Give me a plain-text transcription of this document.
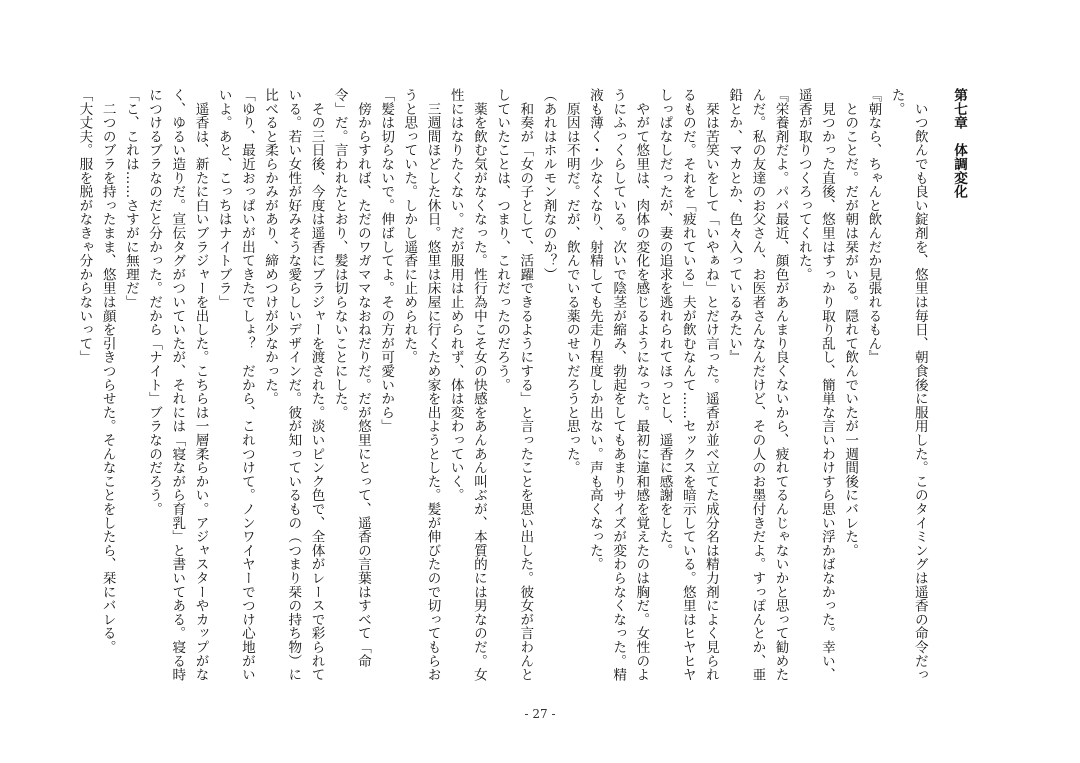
第七章　体調変化

　いつ飲んでも良い錠剤を、悠里は毎日、朝食後に服用した。このタイミングは遥香の命令だった。

『朝なら、ちゃんと飲んだか見張れるもん』

　とのことだ。だが朝は栞がいる。隠れて飲んでいたが一週間後にバレた。

　見つかった直後、悠里はすっかり取り乱し、簡単な言いわけすら思い浮かばなかった。幸い、遥香が取りつくろってくれた。

『栄養剤だよ。パパ最近、顔色があんまり良くないから、疲れてるんじゃないかと思って勧めたんだ。私の友達のお父さん、お医者さんなんだけど、その人のお墨付きだよ。すっぽんとか、亜鉛とか、マカとか、色々入っているみたい』

　栞は苦笑いをして「いやぁね」とだけ言った。遥香が並べ立てた成分名は精力剤によく見られるものだ。それを「疲れている」夫が飲むなんて……セックスを暗示している。悠里はヒヤヒヤしっぱなしだったが、妻の追求を逃れられてほっとし、遥香に感謝をした。

　やがて悠里は、肉体の変化を感じるようになった。最初に違和感を覚えたのは胸だ。女性のようにふっくらしている。次いで陰茎が縮み、勃起をしてもあまりサイズが変わらなくなった。精液も薄く・少なくなり、射精しても先走り程度しか出ない。声も高くなった。

　原因は不明だ。だが、飲んでいる薬のせいだろうと思った。

（あれはホルモン剤なのか？）

　和奏が「女の子として、活躍できるようにする」と言ったことを思い出した。彼女が言わんとしていたことは、つまり、これだったのだろう。

　薬を飲む気がなくなった。性行為中こそ女の快感をあんあん叫ぶが、本質的には男なのだ。女性にはなりたくない。だが服用は止められず、体は変わっていく。

　三週間ほどした休日。悠里は床屋に行くため家を出ようとした。髪が伸びたので切ってもらおうと思っていた。しかし遥香に止められた。

「髪は切らないで。伸ばしてよ。その方が可愛いから」

　傍からすれば、ただのワガママなおねだりだ。だが悠里にとって、遥香の言葉はすべて「命令」だ。言われたとおり、髪は切らないことにした。

　その三日後、今度は遥香にブラジャーを渡された。淡いピンク色で、全体がレースで彩られている。若い女性が好みそうな愛らしいデザインだ。彼が知っているもの（つまり栞の持ち物）に比べると柔らかみがあり、締めつけが少なかった。

「ゆり、最近おっぱいが出てきたでしょ？　だから、これつけて。ノンワイヤーでつけ心地がいいよ。あと、こっちはナイトブラ」

　遥香は、新たに白いブラジャーを出した。こちらは一層柔らかい。アジャスターやカップがなく、ゆるい造りだ。宣伝タグがついていたが、それには「寝ながら育乳」と書いてある。寝る時につけるブラなのだと分かった。だから「ナイト」ブラなのだろう。

「こ、これは……さすがに無理だ」

　二つのブラを持ったまま、悠里は顔を引きつらせた。そんなことをしたら、栞にバレる。

「大丈夫。服を脱がなきゃ分からないって」

- 27 -
